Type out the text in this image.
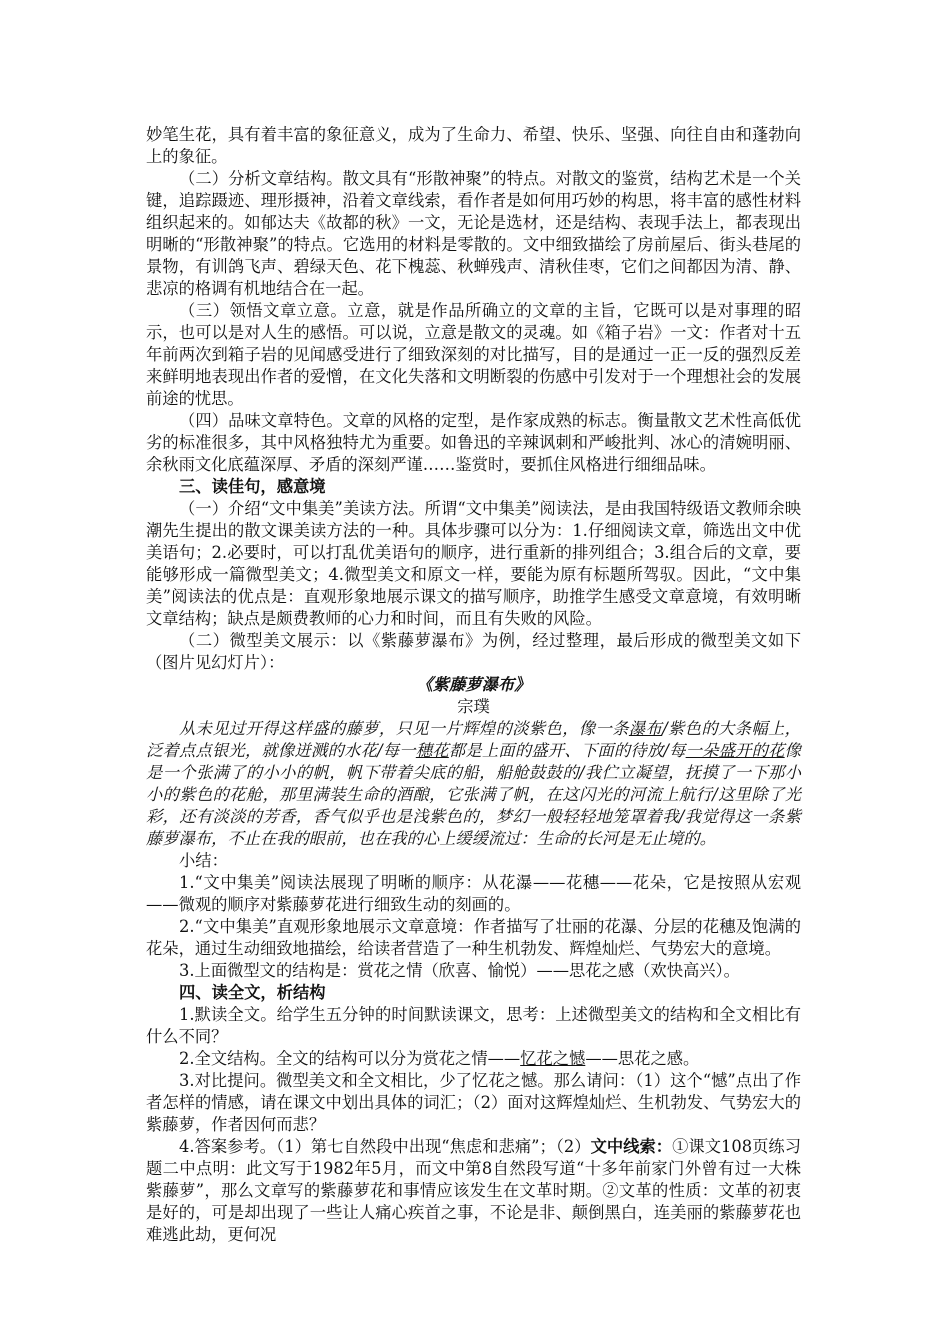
妙笔生花，具有着丰富的象征意义，成为了生命力、希望、快乐、坚强、向往自由和蓬勃向上的象征。

（二）分析文章结构。散文具有“形散神聚”的特点。对散文的鉴赏，结构艺术是一个关键，追踪蹑迹、理形摄神，沿着文章线索，看作者是如何用巧妙的构思，将丰富的感性材料组织起来的。如郁达夫《故都的秋》一文，无论是选材，还是结构、表现手法上，都表现出明晰的“形散神聚”的特点。它选用的材料是零散的。文中细致描绘了房前屋后、街头巷尾的景物，有训鸽飞声、碧绿天色、花下槐蕊、秋蝉残声、清秋佳枣，它们之间都因为清、静、悲凉的格调有机地结合在一起。

（三）领悟文章立意。立意，就是作品所确立的文章的主旨，它既可以是对事理的昭示，也可以是对人生的感悟。可以说，立意是散文的灵魂。如《箱子岩》一文：作者对十五年前两次到箱子岩的见闻感受进行了细致深刻的对比描写，目的是通过一正一反的强烈反差来鲜明地表现出作者的爱憎，在文化失落和文明断裂的伤感中引发对于一个理想社会的发展前途的忧思。

（四）品味文章特色。文章的风格的定型，是作家成熟的标志。衡量散文艺术性高低优劣的标准很多，其中风格独特尤为重要。如鲁迅的辛辣讽刺和严峻批判、冰心的清婉明丽、余秋雨文化底蕴深厚、矛盾的深刻严谨……鉴赏时，要抓住风格进行细细品味。

三、读佳句，感意境

（一）介绍“文中集美”美读方法。所谓“文中集美”阅读法，是由我国特级语文教师余映潮先生提出的散文课美读方法的一种。具体步骤可以分为：1.仔细阅读文章，筛选出文中优美语句；2.必要时，可以打乱优美语句的顺序，进行重新的排列组合；3.组合后的文章，要能够形成一篇微型美文；4.微型美文和原文一样，要能为原有标题所驾驭。因此，“文中集美”阅读法的优点是：直观形象地展示课文的描写顺序，助推学生感受文章意境，有效明晰文章结构；缺点是颇费教师的心力和时间，而且有失败的风险。

（二）微型美文展示：以《紫藤萝瀑布》为例，经过整理，最后形成的微型美文如下（图片见幻灯片）：

《紫藤萝瀑布》

宗璞

从未见过开得这样盛的藤萝，只见一片辉煌的淡紫色，像一条瀑布/紫色的大条幅上，泛着点点银光，就像迸溅的水花/每一穗花都是上面的盛开、下面的待放/每一朵盛开的花像是一个张满了的小小的帆，帆下带着尖底的船，船舱鼓鼓的/我伫立凝望，抚摸了一下那小小的紫色的花舱，那里满装生命的酒酿，它张满了帆，在这闪光的河流上航行/这里除了光彩，还有淡淡的芳香，香气似乎也是浅紫色的，梦幻一般轻轻地笼罩着我/我觉得这一条紫藤萝瀑布，不止在我的眼前，也在我的心上缓缓流过：生命的长河是无止境的。

小结：

1.“文中集美”阅读法展现了明晰的顺序：从花瀑——花穗——花朵，它是按照从宏观——微观的顺序对紫藤萝花进行细致生动的刻画的。

2.“文中集美”直观形象地展示文章意境：作者描写了壮丽的花瀑、分层的花穗及饱满的花朵，通过生动细致地描绘，给读者营造了一种生机勃发、辉煌灿烂、气势宏大的意境。

3.上面微型文的结构是：赏花之情（欣喜、愉悦）——思花之感（欢快高兴）。

四、读全文，析结构

1.默读全文。给学生五分钟的时间默读课文，思考：上述微型美文的结构和全文相比有什么不同？

2.全文结构。全文的结构可以分为赏花之情——忆花之憾——思花之感。

3.对比提问。微型美文和全文相比，少了忆花之憾。那么请问：（1）这个“憾”点出了作者怎样的情感，请在课文中划出具体的词汇；（2）面对这辉煌灿烂、生机勃发、气势宏大的紫藤萝，作者因何而悲？

4.答案参考。（1）第七自然段中出现“焦虑和悲痛”；（2）文中线索：①课文108页练习题二中点明：此文写于1982年5月，而文中第8自然段写道“十多年前家门外曾有过一大株紫藤萝”，那么文章写的紫藤萝花和事情应该发生在文革时期。②文革的性质：文革的初衷是好的，可是却出现了一些让人痛心疾首之事，不论是非、颠倒黑白，连美丽的紫藤萝花也难逃此劫，更何况
